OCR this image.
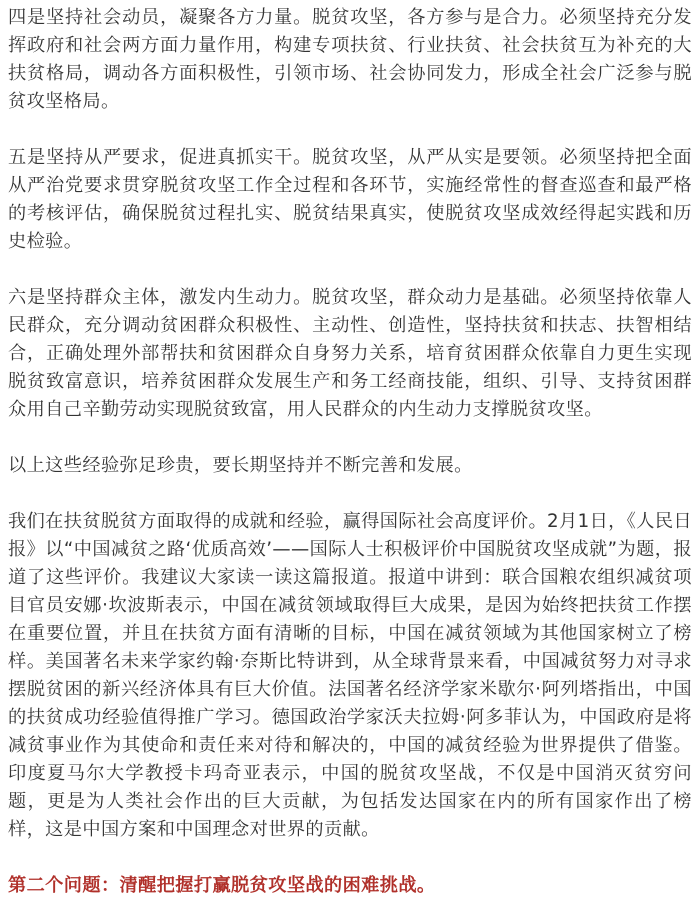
四是坚持社会动员，凝聚各方力量。脱贫攻坚，各方参与是合力。必须坚持充分发挥政府和社会两方面力量作用，构建专项扶贫、行业扶贫、社会扶贫互为补充的大扶贫格局，调动各方面积极性，引领市场、社会协同发力，形成全社会广泛参与脱贫攻坚格局。

五是坚持从严要求，促进真抓实干。脱贫攻坚，从严从实是要领。必须坚持把全面从严治党要求贯穿脱贫攻坚工作全过程和各环节，实施经常性的督查巡查和最严格的考核评估，确保脱贫过程扎实、脱贫结果真实，使脱贫攻坚成效经得起实践和历史检验。

六是坚持群众主体，激发内生动力。脱贫攻坚，群众动力是基础。必须坚持依靠人民群众，充分调动贫困群众积极性、主动性、创造性，坚持扶贫和扶志、扶智相结合，正确处理外部帮扶和贫困群众自身努力关系，培育贫困群众依靠自力更生实现脱贫致富意识，培养贫困群众发展生产和务工经商技能，组织、引导、支持贫困群众用自己辛勤劳动实现脱贫致富，用人民群众的内生动力支撑脱贫攻坚。

以上这些经验弥足珍贵，要长期坚持并不断完善和发展。

我们在扶贫脱贫方面取得的成就和经验，赢得国际社会高度评价。2月1日，《人民日报》以“中国减贫之路‘优质高效’——国际人士积极评价中国脱贫攻坚成就”为题，报道了这些评价。我建议大家读一读这篇报道。报道中讲到：联合国粮农组织减贫项目官员安娜·坎波斯表示，中国在减贫领域取得巨大成果，是因为始终把扶贫工作摆在重要位置，并且在扶贫方面有清晰的目标，中国在减贫领域为其他国家树立了榜样。美国著名未来学家约翰·奈斯比特讲到，从全球背景来看，中国减贫努力对寻求摆脱贫困的新兴经济体具有巨大价值。法国著名经济学家米歇尔·阿列塔指出，中国的扶贫成功经验值得推广学习。德国政治学家沃夫拉姆·阿多菲认为，中国政府是将减贫事业作为其使命和责任来对待和解决的，中国的减贫经验为世界提供了借鉴。印度夏马尔大学教授卡玛奇亚表示，中国的脱贫攻坚战，不仅是中国消灭贫穷问题，更是为人类社会作出的巨大贡献，为包括发达国家在内的所有国家作出了榜样，这是中国方案和中国理念对世界的贡献。

第二个问题：清醒把握打赢脱贫攻坚战的困难挑战。
